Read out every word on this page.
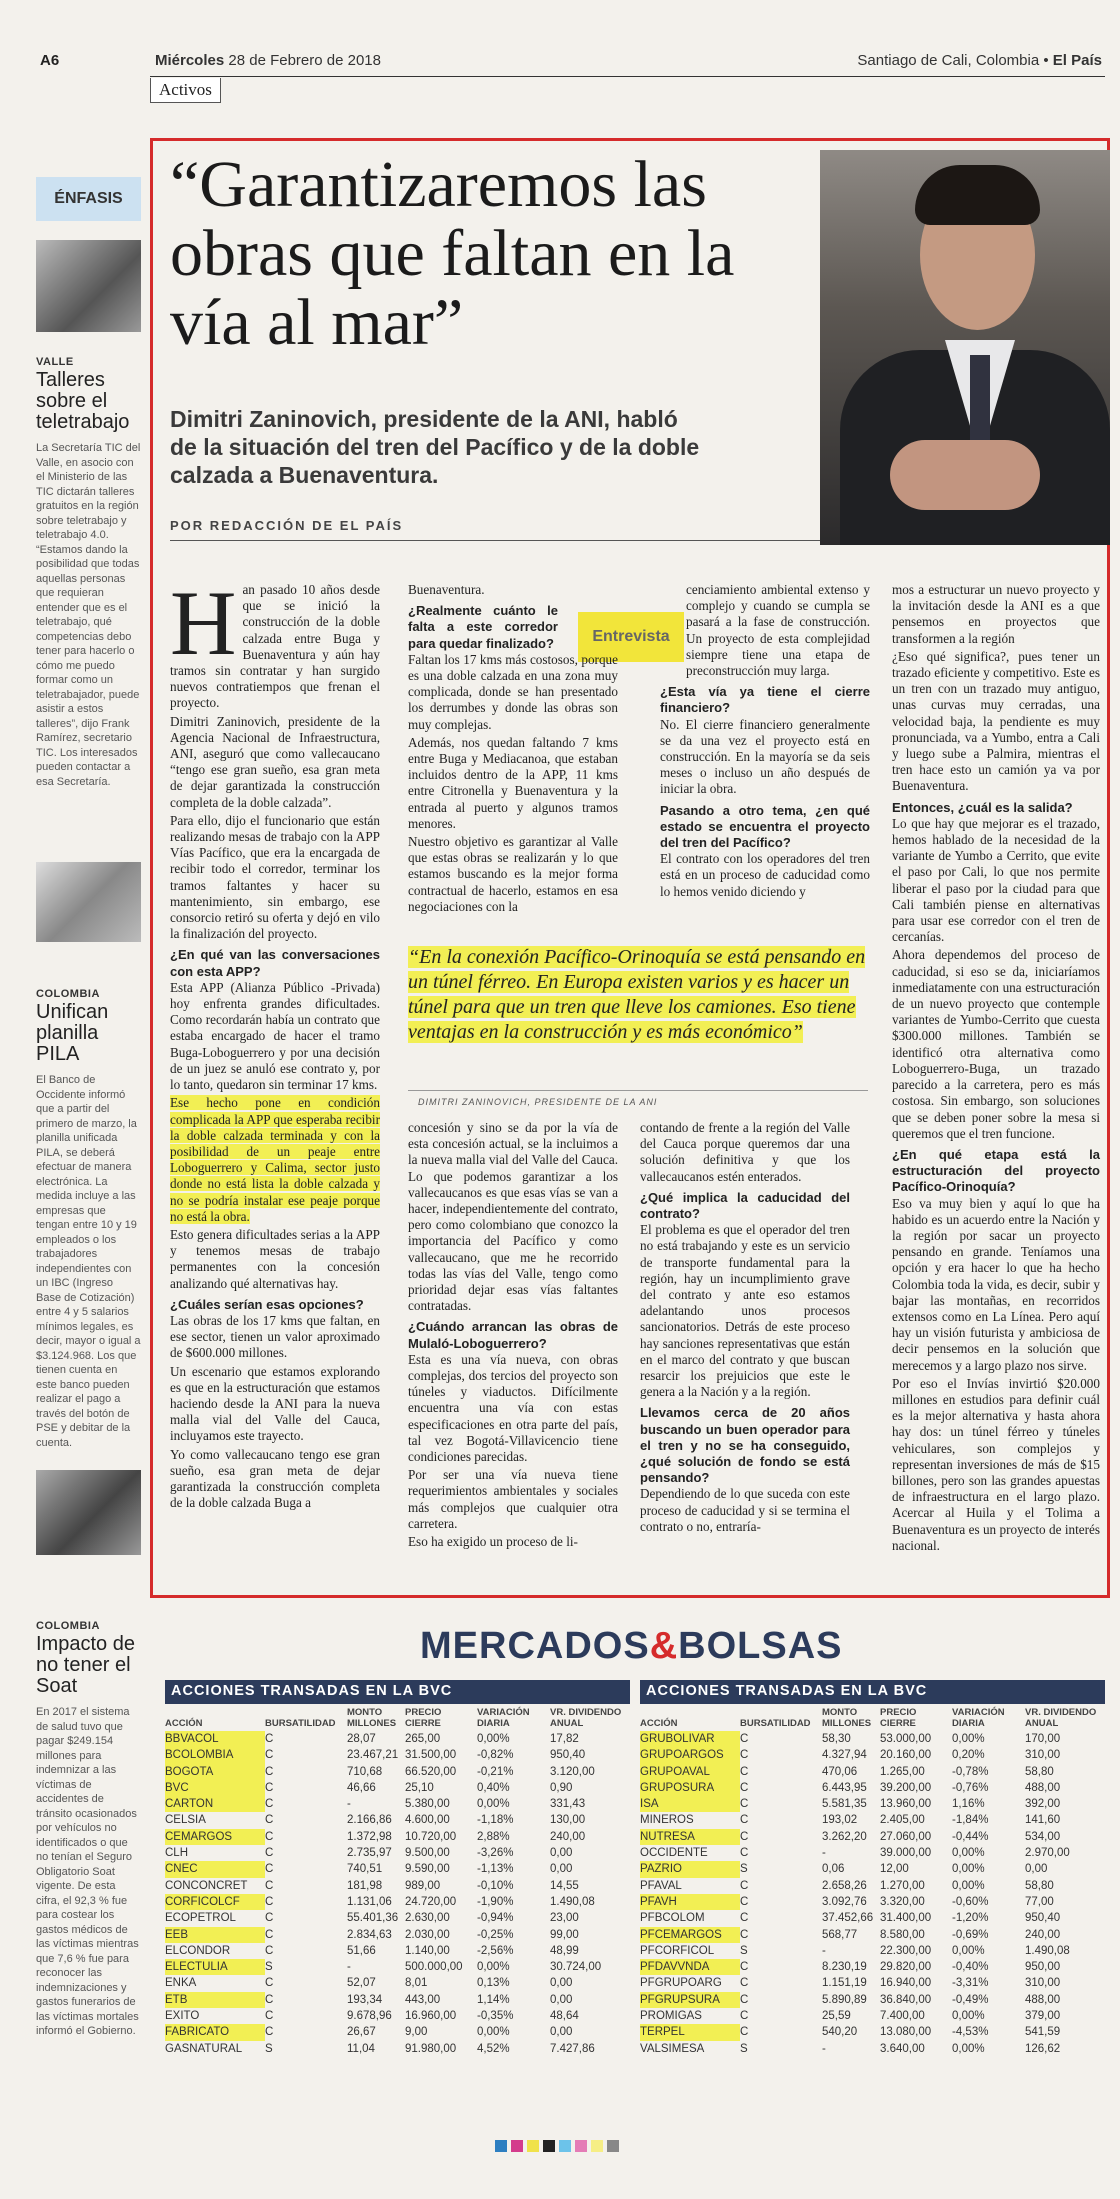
A6	Miércoles 28 de Febrero de 2018	Santiago de Cali, Colombia • El País
Activos
ÉNFASIS
VALLE
Talleres sobre el teletrabajo
La Secretaría TIC del Valle, en asocio con el Ministerio de las TIC dictarán talleres gratuitos en la región sobre teletrabajo y teletrabajo 4.0. “Estamos dando la posibilidad que todas aquellas personas que requieran entender que es el teletrabajo, qué competencias debo tener para hacerlo o cómo me puedo formar como un teletrabajador, puede asistir a estos talleres”, dijo Frank Ramírez, secretario TIC. Los interesados pueden contactar a esa Secretaría.
COLOMBIA
Unifican planilla PILA
El Banco de Occidente informó que a partir del primero de marzo, la planilla unificada PILA, se deberá efectuar de manera electrónica. La medida incluye a las empresas que tengan entre 10 y 19 empleados o los trabajadores independientes con un IBC (Ingreso Base de Cotización) entre 4 y 5 salarios mínimos legales, es decir, mayor o igual a $3.124.968. Los que tienen cuenta en este banco pueden realizar el pago a través del botón de PSE y debitar de la cuenta.
COLOMBIA
Impacto de no tener el Soat
En 2017 el sistema de salud tuvo que pagar $249.154 millones para indemnizar a las víctimas de accidentes de tránsito ocasionados por vehículos no identificados o que no tenían el Seguro Obligatorio Soat vigente. De esta cifra, el 92,3 % fue para costear los gastos médicos de las víctimas mientras que 7,6 % fue para reconocer las indemnizaciones y gastos funerarios de las víctimas mortales informó el Gobierno.
“Garantizaremos las obras que faltan en la vía al mar”
Dimitri Zaninovich, presidente de la ANI, habló de la situación del tren del Pacífico y de la doble calzada a Buenaventura.
POR REDACCIÓN DE EL PAÍS
Entrevista

Han pasado 10 años desde que se inició la construcción de la doble calzada entre Buga y Buenaventura y aún hay tramos sin contratar y han surgido nuevos contratiempos que frenan el proyecto.

Dimitri Zaninovich, presidente de la Agencia Nacional de Infraestructura, ANI, aseguró que como vallecaucano “tengo ese gran sueño, esa gran meta de dejar garantizada la construcción completa de la doble calzada”.

Para ello, dijo el funcionario que están realizando mesas de trabajo con la APP Vías Pacífico, que era la encargada de recibir todo el corredor, terminar los tramos faltantes y hacer su mantenimiento, sin embargo, ese consorcio retiró su oferta y dejó en vilo la finalización del proyecto.

¿En qué van las conversaciones con esta APP?

Esta APP (Alianza Público -Privada) hoy enfrenta grandes dificultades. Como recordarán había un contrato que estaba encargado de hacer el tramo Buga-Loboguerrero y por una decisión de un juez se anuló ese contrato y, por lo tanto, quedaron sin terminar 17 kms.

Ese hecho pone en condición complicada la APP que esperaba recibir la doble calzada terminada y con la posibilidad de un peaje entre Loboguerrero y Calima, sector justo donde no está lista la doble calzada y no se podría instalar ese peaje porque no está la obra.

Esto genera dificultades serias a la APP y tenemos mesas de trabajo permanentes con la concesión analizando qué alternativas hay.

¿Cuáles serían esas opciones?

Las obras de los 17 kms que faltan, en ese sector, tienen un valor aproximado de $600.000 millones.

Un escenario que estamos explorando es que en la estructuración que estamos haciendo desde la ANI para la nueva malla vial del Valle del Cauca, incluyamos este trayecto.

Yo como vallecaucano tengo ese gran sueño, esa gran meta de dejar garantizada la construcción completa de la doble calzada Buga a

Buenaventura.

¿Realmente cuánto le falta a este corredor para quedar finalizado?

Faltan los 17 kms más costosos, porque es una doble calzada en una zona muy complicada, donde se han presentado los derrumbes y donde las obras son muy complejas.

Además, nos quedan faltando 7 kms entre Buga y Mediacanoa, que estaban incluidos dentro de la APP, 11 kms entre Citronella y Buenaventura y la entrada al puerto y algunos tramos menores.

Nuestro objetivo es garantizar al Valle que estas obras se realizarán y lo que estamos buscando es la mejor forma contractual de hacerlo, estamos en esa negociaciones con la

cenciamiento ambiental extenso y complejo y cuando se cumpla se pasará a la fase de construcción. Un proyecto de esta complejidad siempre tiene una etapa de preconstrucción muy larga.

¿Esta vía ya tiene el cierre financiero?

No. El cierre financiero generalmente se da una vez el proyecto está en construcción. En la mayoría se da seis meses o incluso un año después de iniciar la obra.

Pasando a otro tema, ¿en qué estado se encuentra el proyecto del tren del Pacífico?

El contrato con los operadores del tren está en un proceso de caducidad como lo hemos venido diciendo y

“En la conexión Pacífico-Orinoquía se está pensando en un túnel férreo. En Europa existen varios y es hacer un túnel para que un tren que lleve los camiones. Eso tiene ventajas en la construcción y es más económico”
DIMITRI ZANINOVICH, PRESIDENTE DE LA ANI

concesión y sino se da por la vía de esta concesión actual, se la incluimos a la nueva malla vial del Valle del Cauca. Lo que podemos garantizar a los vallecaucanos es que esas vías se van a hacer, independientemente del contrato, pero como colombiano que conozco la importancia del Pacífico y como vallecaucano, que me he recorrido todas las vías del Valle, tengo como prioridad dejar esas vías faltantes contratadas.

¿Cuándo arrancan las obras de Mulaló-Loboguerrero?

Esta es una vía nueva, con obras complejas, dos tercios del proyecto son túneles y viaductos. Difícilmente encuentra una vía con estas especificaciones en otra parte del país, tal vez Bogotá-Villavicencio tiene condiciones parecidas.

Por ser una vía nueva tiene requerimientos ambientales y sociales más complejos que cualquier otra carretera.

Eso ha exigido un proceso de li-

contando de frente a la región del Valle del Cauca porque queremos dar una solución definitiva y que los vallecaucanos estén enterados.

¿Qué implica la caducidad del contrato?

El problema es que el operador del tren no está trabajando y este es un servicio de transporte fundamental para la región, hay un incumplimiento grave del contrato y ante eso estamos adelantando unos procesos sancionatorios. Detrás de este proceso hay sanciones representativas que están en el marco del contrato y que buscan resarcir los prejuicios que este le genera a la Nación y a la región.

Llevamos cerca de 20 años buscando un buen operador para el tren y no se ha conseguido, ¿qué solución de fondo se está pensando?

Dependiendo de lo que suceda con este proceso de caducidad y si se termina el contrato o no, entraría-

mos a estructurar un nuevo proyecto y la invitación desde la ANI es a que pensemos en proyectos que transformen a la región

¿Eso qué significa?, pues tener un trazado eficiente y competitivo. Este es un tren con un trazado muy antiguo, unas curvas muy cerradas, una velocidad baja, la pendiente es muy pronunciada, va a Yumbo, entra a Cali y luego sube a Palmira, mientras el tren hace esto un camión ya va por Buenaventura.

Entonces, ¿cuál es la salida?

Lo que hay que mejorar es el trazado, hemos hablado de la necesidad de la variante de Yumbo a Cerrito, que evite el paso por Cali, lo que nos permite liberar el paso por la ciudad para que Cali también piense en alternativas para usar ese corredor con el tren de cercanías.

Ahora dependemos del proceso de caducidad, si eso se da, iniciaríamos inmediatamente con una estructuración de un nuevo proyecto que contemple variantes de Yumbo-Cerrito que cuesta $300.000 millones. También se identificó otra alternativa como Loboguerrero-Buga, un trazado parecido a la carretera, pero es más costosa. Sin embargo, son soluciones que se deben poner sobre la mesa si queremos que el tren funcione.

¿En qué etapa está la estructuración del proyecto Pacífico-Orinoquía?

Eso va muy bien y aquí lo que ha habido es un acuerdo entre la Nación y la región por sacar un proyecto pensando en grande. Teníamos una opción y era hacer lo que ha hecho Colombia toda la vida, es decir, subir y bajar las montañas, en recorridos extensos como en La Línea. Pero aquí hay un visión futurista y ambiciosa de decir pensemos en la solución que merecemos y a largo plazo nos sirve.

Por eso el Invías invirtió $20.000 millones en estudios para definir cuál es la mejor alternativa y hasta ahora hay dos: un túnel férreo y túneles vehiculares, son complejos y representan inversiones de más de $15 billones, pero son las grandes apuestas de infraestructura en el largo plazo. Acercar al Huila y el Tolima a Buenaventura es un proyecto de interés nacional.

MERCADOS&BOLSAS
ACCIONES TRANSADAS EN LA BVC
ACCIÓN	BURSATILIDAD	MONTO MILLONES	PRECIO CIERRE	VARIACIÓN DIARIA	VR. DIVIDENDO ANUAL
BBVACOL	C	28,07	265,00	0,00%	17,82
BCOLOMBIA	C	23.467,21	31.500,00	-0,82%	950,40
BOGOTA	C	710,68	66.520,00	-0,21%	3.120,00
BVC	C	46,66	25,10	0,40%	0,90
CARTON	C	-	5.380,00	0,00%	331,43
CELSIA	C	2.166,86	4.600,00	-1,18%	130,00
CEMARGOS	C	1.372,98	10.720,00	2,88%	240,00
CLH	C	2.735,97	9.500,00	-3,26%	0,00
CNEC	C	740,51	9.590,00	-1,13%	0,00
CONCONCRET	C	181,98	989,00	-0,10%	14,55
CORFICOLCF	C	1.131,06	24.720,00	-1,90%	1.490,08
ECOPETROL	C	55.401,36	2.630,00	-0,94%	23,00
EEB	C	2.834,63	2.030,00	-0,25%	99,00
ELCONDOR	C	51,66	1.140,00	-2,56%	48,99
ELECTULIA	S	-	500.000,00	0,00%	30.724,00
ENKA	C	52,07	8,01	0,13%	0,00
ETB	C	193,34	443,00	1,14%	0,00
EXITO	C	9.678,96	16.960,00	-0,35%	48,64
FABRICATO	C	26,67	9,00	0,00%	0,00
GASNATURAL	S	11,04	91.980,00	4,52%	7.427,86
ACCIONES TRANSADAS EN LA BVC
ACCIÓN	BURSATILIDAD	MONTO MILLONES	PRECIO CIERRE	VARIACIÓN DIARIA	VR. DIVIDENDO ANUAL
GRUBOLIVAR	C	58,30	53.000,00	0,00%	170,00
GRUPOARGOS	C	4.327,94	20.160,00	0,20%	310,00
GRUPOAVAL	C	470,06	1.265,00	-0,78%	58,80
GRUPOSURA	C	6.443,95	39.200,00	-0,76%	488,00
ISA	C	5.581,35	13.960,00	1,16%	392,00
MINEROS	C	193,02	2.405,00	-1,84%	141,60
NUTRESA	C	3.262,20	27.060,00	-0,44%	534,00
OCCIDENTE	C	-	39.000,00	0,00%	2.970,00
PAZRIO	S	0,06	12,00	0,00%	0,00
PFAVAL	C	2.658,26	1.270,00	0,00%	58,80
PFAVH	C	3.092,76	3.320,00	-0,60%	77,00
PFBCOLOM	C	37.452,66	31.400,00	-1,20%	950,40
PFCEMARGOS	C	568,77	8.580,00	-0,69%	240,00
PFCORFICOL	S	-	22.300,00	0,00%	1.490,08
PFDAVVNDA	C	8.230,19	29.820,00	-0,40%	950,00
PFGRUPOARG	C	1.151,19	16.940,00	-3,31%	310,00
PFGRUPSURA	C	5.890,89	36.840,00	-0,49%	488,00
PROMIGAS	C	25,59	7.400,00	0,00%	379,00
TERPEL	C	540,20	13.080,00	-4,53%	541,59
VALSIMESA	S	-	3.640,00	0,00%	126,62
